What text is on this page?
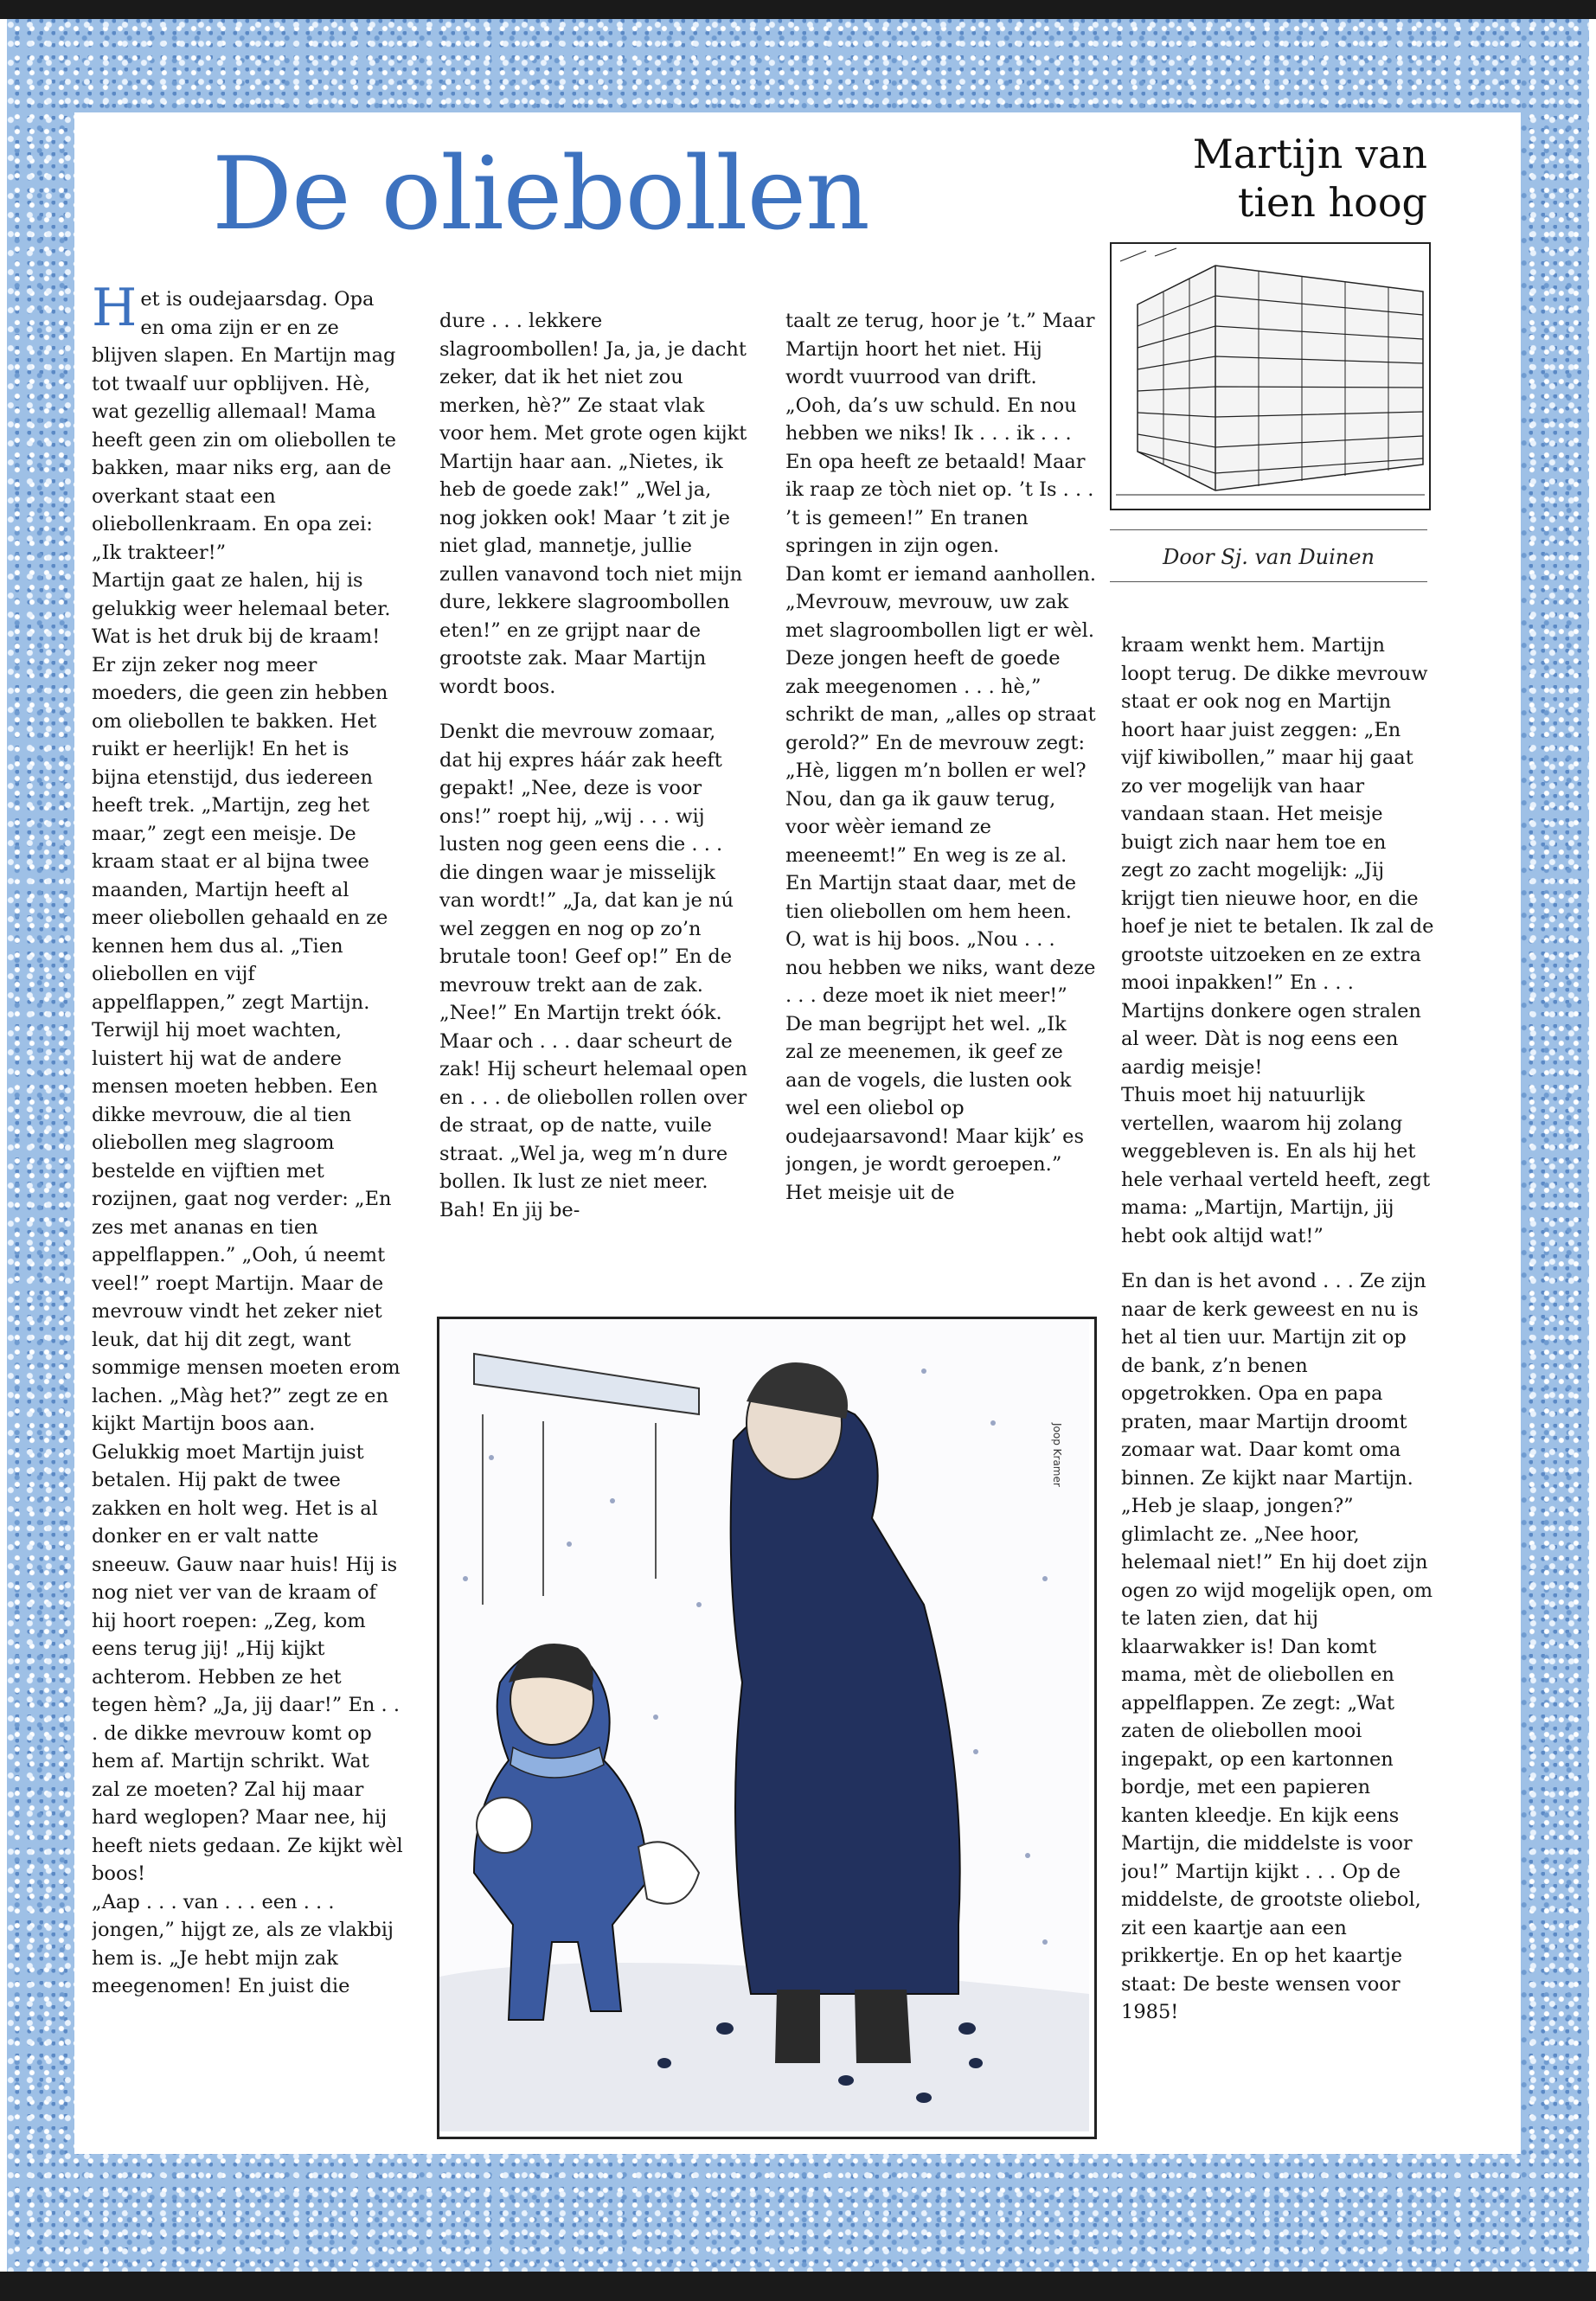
De oliebollen	Martijn van
tien hoog
Door Sj. van Duinen

Het is oudejaarsdag. Opa en oma zijn er en ze blijven slapen. En Martijn mag tot twaalf uur opblijven. Hè, wat gezellig allemaal! Mama heeft geen zin om oliebollen te bakken, maar niks erg, aan de overkant staat een oliebollenkraam. En opa zei: „Ik trakteer!”

Martijn gaat ze halen, hij is gelukkig weer helemaal beter. Wat is het druk bij de kraam! Er zijn zeker nog meer moeders, die geen zin hebben om oliebollen te bakken. Het ruikt er heerlijk! En het is bijna etenstijd, dus iedereen heeft trek. „Martijn, zeg het maar,” zegt een meisje. De kraam staat er al bijna twee maanden, Martijn heeft al meer oliebollen gehaald en ze kennen hem dus al. „Tien oliebollen en vijf appelflappen,” zegt Martijn.

Terwijl hij moet wachten, luistert hij wat de andere mensen moeten hebben. Een dikke mevrouw, die al tien oliebollen meg slagroom bestelde en vijftien met rozijnen, gaat nog verder: „En zes met ananas en tien appelflappen.” „Ooh, ú neemt veel!” roept Martijn. Maar de mevrouw vindt het zeker niet leuk, dat hij dit zegt, want sommige mensen moeten erom lachen. „Màg het?” zegt ze en kijkt Martijn boos aan.

Gelukkig moet Martijn juist betalen. Hij pakt de twee zakken en holt weg. Het is al donker en er valt natte sneeuw. Gauw naar huis! Hij is nog niet ver van de kraam of hij hoort roepen: „Zeg, kom eens terug jij! „Hij kijkt achterom. Hebben ze het tegen hèm? „Ja, jij daar!” En . . . de dikke mevrouw komt op hem af. Martijn schrikt. Wat zal ze moeten? Zal hij maar hard weglopen? Maar nee, hij heeft niets gedaan. Ze kijkt wèl boos!

„Aap . . . van . . . een . . . jongen,” hijgt ze, als ze vlakbij hem is. „Je hebt mijn zak meegenomen! En juist die

dure . . . lekkere slagroombollen! Ja, ja, je dacht zeker, dat ik het niet zou merken, hè?” Ze staat vlak voor hem. Met grote ogen kijkt Martijn haar aan. „Nietes, ik heb de goede zak!” „Wel ja, nog jokken ook! Maar ’t zit je niet glad, mannetje, jullie zullen vanavond toch niet mijn dure, lekkere slagroombollen eten!” en ze grijpt naar de grootste zak. Maar Martijn wordt boos.

Denkt die mevrouw zomaar, dat hij expres háár zak heeft gepakt! „Nee, deze is voor ons!” roept hij, „wij . . . wij lusten nog geen eens die . . . die dingen waar je misselijk van wordt!” „Ja, dat kan je nú wel zeggen en nog op zo’n brutale toon! Geef op!” En de mevrouw trekt aan de zak. „Nee!” En Martijn trekt óók.

Maar och . . . daar scheurt de zak! Hij scheurt helemaal open en . . . de oliebollen rollen over de straat, op de natte, vuile straat. „Wel ja, weg m’n dure bollen. Ik lust ze niet meer. Bah! En jij be-

taalt ze terug, hoor je ’t.” Maar Martijn hoort het niet. Hij wordt vuurrood van drift. „Ooh, da’s uw schuld. En nou hebben we niks! Ik . . . ik . . . En opa heeft ze betaald! Maar ik raap ze tòch niet op. ’t Is . . . ’t is gemeen!” En tranen springen in zijn ogen.

Dan komt er iemand aanhollen. „Mevrouw, mevrouw, uw zak met slagroombollen ligt er wèl. Deze jongen heeft de goede zak meegenomen . . . hè,” schrikt de man, „alles op straat gerold?” En de mevrouw zegt: „Hè, liggen m’n bollen er wel? Nou, dan ga ik gauw terug, voor wèèr iemand ze meeneemt!” En weg is ze al. En Martijn staat daar, met de tien oliebollen om hem heen. O, wat is hij boos. „Nou . . . nou hebben we niks, want deze . . . deze moet ik niet meer!” De man begrijpt het wel. „Ik zal ze meenemen, ik geef ze aan de vogels, die lusten ook wel een oliebol op oudejaarsavond! Maar kijk’ es jongen, je wordt geroepen.” Het meisje uit de

kraam wenkt hem. Martijn loopt terug. De dikke mevrouw staat er ook nog en Martijn hoort haar juist zeggen: „En vijf kiwibollen,” maar hij gaat zo ver mogelijk van haar vandaan staan. Het meisje buigt zich naar hem toe en zegt zo zacht mogelijk: „Jij krijgt tien nieuwe hoor, en die hoef je niet te betalen. Ik zal de grootste uitzoeken en ze extra mooi inpakken!” En . . . Martijns donkere ogen stralen al weer. Dàt is nog eens een aardig meisje!

Thuis moet hij natuurlijk vertellen, waarom hij zolang weggebleven is. En als hij het hele verhaal verteld heeft, zegt mama: „Martijn, Martijn, jij hebt ook altijd wat!”

En dan is het avond . . . Ze zijn naar de kerk geweest en nu is het al tien uur. Martijn zit op de bank, z’n benen opgetrokken. Opa en papa praten, maar Martijn droomt zomaar wat. Daar komt oma binnen. Ze kijkt naar Martijn. „Heb je slaap, jongen?” glimlacht ze. „Nee hoor, helemaal niet!” En hij doet zijn ogen zo wijd mogelijk open, om te laten zien, dat hij klaarwakker is! Dan komt mama, mèt de oliebollen en appelflappen. Ze zegt: „Wat zaten de oliebollen mooi ingepakt, op een kartonnen bordje, met een papieren kanten kleedje. En kijk eens Martijn, die middelste is voor jou!” Martijn kijkt . . . Op de middelste, de grootste oliebol, zit een kaartje aan een prikkertje. En op het kaartje staat: De beste wensen voor 1985!

Joop Kramer
